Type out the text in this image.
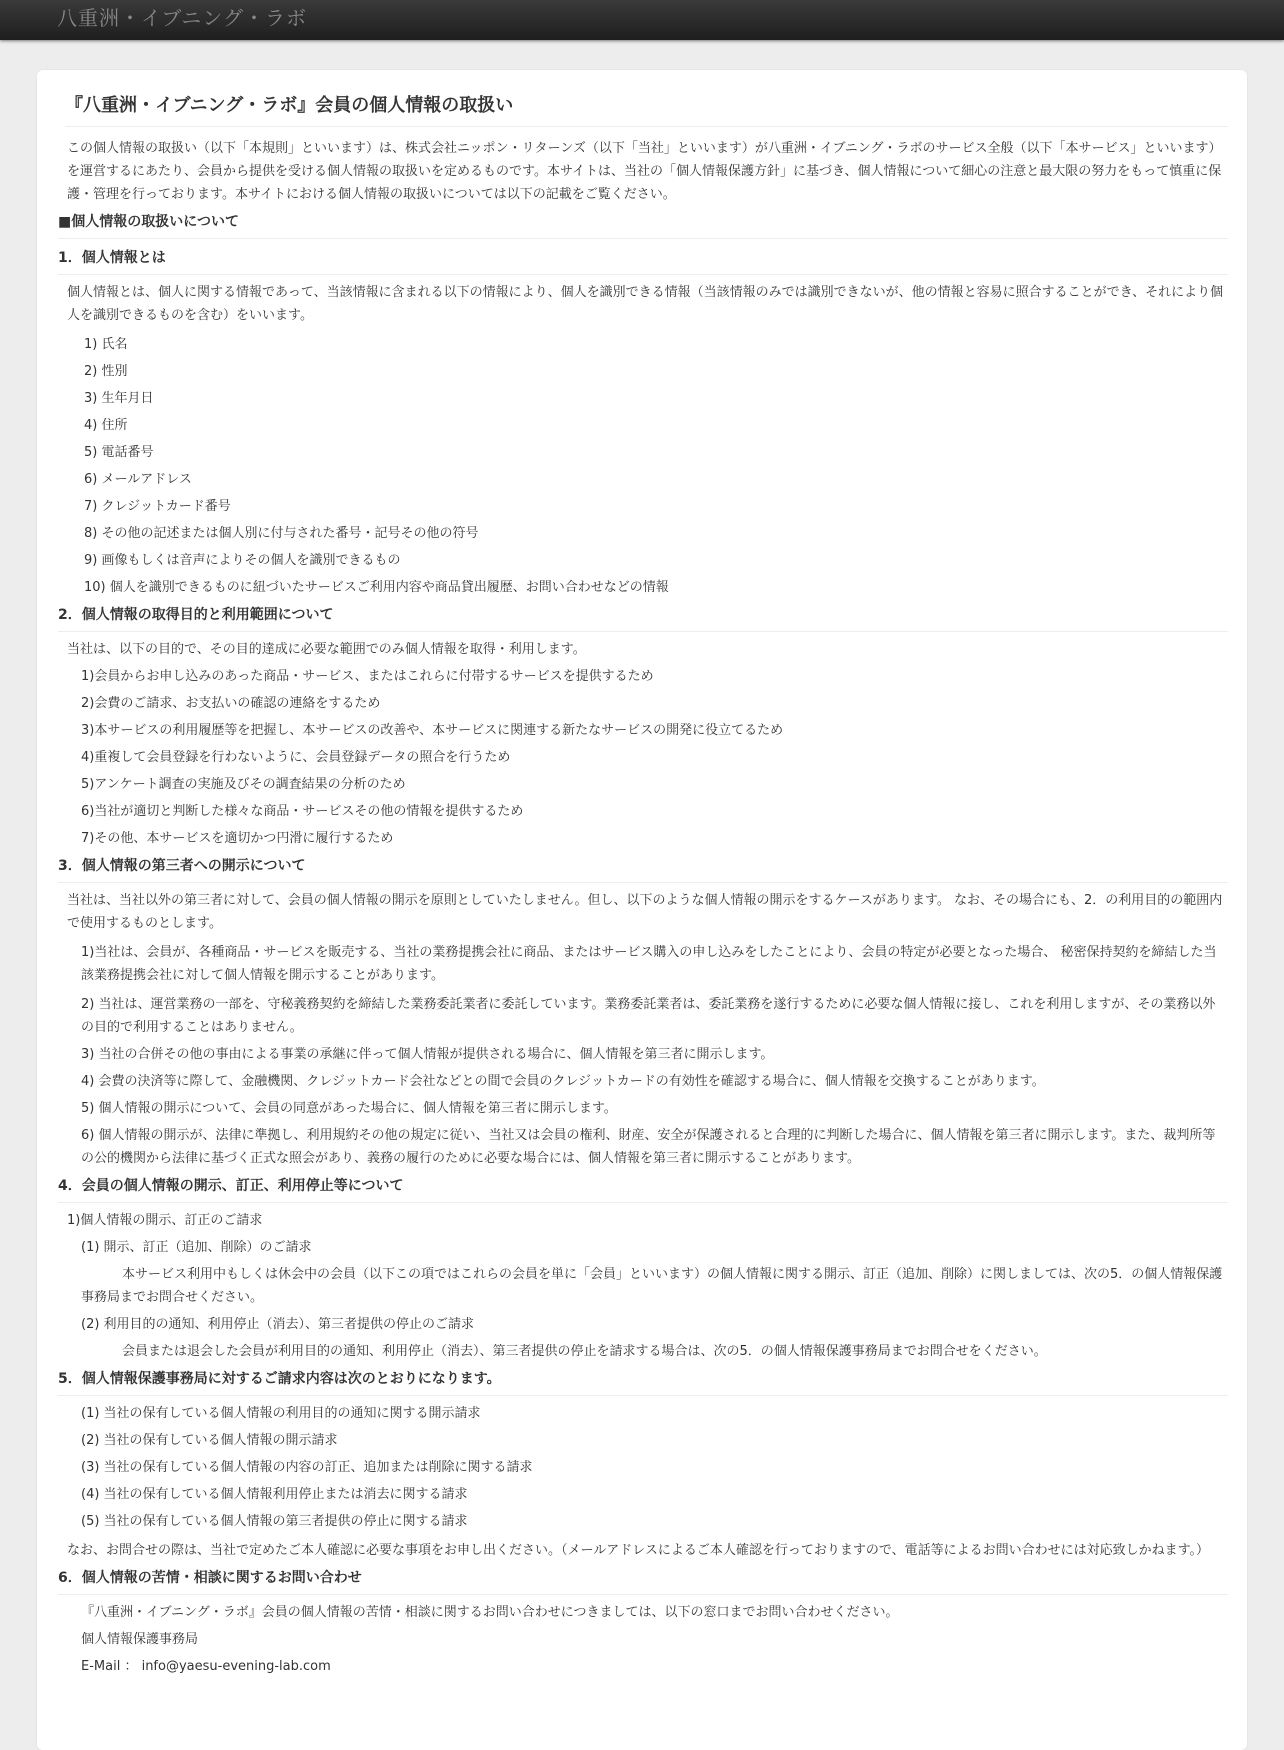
八重洲・イブニング・ラボ
『八重洲・イブニング・ラボ』会員の個人情報の取扱い

この個人情報の取扱い（以下「本規則」といいます）は、株式会社ニッポン・リターンズ（以下「当社」といいます）が八重洲・イブニング・ラボのサービス全般（以下「本サービス」といいます）を運営するにあたり、会員から提供を受ける個人情報の取扱いを定めるものです。本サイトは、当社の「個人情報保護方針」に基づき、個人情報について細心の注意と最大限の努力をもって慎重に保護・管理を行っております。本サイトにおける個人情報の取扱いについては以下の記載をご覧ください。

■個人情報の取扱いについて
1．個人情報とは

個人情報とは、個人に関する情報であって、当該情報に含まれる以下の情報により、個人を識別できる情報（当該情報のみでは識別できないが、他の情報と容易に照合することができ、それにより個人を識別できるものを含む）をいいます。

1) 氏名
2) 性別
3) 生年月日
4) 住所
5) 電話番号
6) メールアドレス
7) クレジットカード番号
8) その他の記述または個人別に付与された番号・記号その他の符号
9) 画像もしくは音声によりその個人を識別できるもの
10) 個人を識別できるものに紐づいたサービスご利用内容や商品貸出履歴、お問い合わせなどの情報
2．個人情報の取得目的と利用範囲について

当社は、以下の目的で、その目的達成に必要な範囲でのみ個人情報を取得・利用します。

1)会員からお申し込みのあった商品・サービス、またはこれらに付帯するサービスを提供するため
2)会費のご請求、お支払いの確認の連絡をするため
3)本サービスの利用履歴等を把握し、本サービスの改善や、本サービスに関連する新たなサービスの開発に役立てるため
4)重複して会員登録を行わないように、会員登録データの照合を行うため
5)アンケート調査の実施及びその調査結果の分析のため
6)当社が適切と判断した様々な商品・サービスその他の情報を提供するため
7)その他、本サービスを適切かつ円滑に履行するため
3．個人情報の第三者への開示について

当社は、当社以外の第三者に対して、会員の個人情報の開示を原則としていたしません。但し、以下のような個人情報の開示をするケースがあります。 なお、その場合にも、2．の利用目的の範囲内で使用するものとします。

1)当社は、会員が、各種商品・サービスを販売する、当社の業務提携会社に商品、またはサービス購入の申し込みをしたことにより、会員の特定が必要となった場合、 秘密保持契約を締結した当該業務提携会社に対して個人情報を開示することがあります。

2) 当社は、運営業務の一部を、守秘義務契約を締結した業務委託業者に委託しています。業務委託業者は、委託業務を遂行するために必要な個人情報に接し、これを利用しますが、その業務以外の目的で利用することはありません。

3) 当社の合併その他の事由による事業の承継に伴って個人情報が提供される場合に、個人情報を第三者に開示します。

4) 会費の決済等に際して、金融機関、クレジットカード会社などとの間で会員のクレジットカードの有効性を確認する場合に、個人情報を交換することがあります。

5) 個人情報の開示について、会員の同意があった場合に、個人情報を第三者に開示します。

6) 個人情報の開示が、法律に準拠し、利用規約その他の規定に従い、当社又は会員の権利、財産、安全が保護されると合理的に判断した場合に、個人情報を第三者に開示します。また、裁判所等の公的機関から法律に基づく正式な照会があり、義務の履行のために必要な場合には、個人情報を第三者に開示することがあります。

4．会員の個人情報の開示、訂正、利用停止等について

1)個人情報の開示、訂正のご請求

(1) 開示、訂正（追加、削除）のご請求

本サービス利用中もしくは休会中の会員（以下この項ではこれらの会員を単に「会員」といいます）の個人情報に関する開示、訂正（追加、削除）に関しましては、次の5．の個人情報保護事務局までお問合せください。

(2) 利用目的の通知、利用停止（消去）、第三者提供の停止のご請求

会員または退会した会員が利用目的の通知、利用停止（消去）、第三者提供の停止を請求する場合は、次の5．の個人情報保護事務局までお問合せをください。

5．個人情報保護事務局に対するご請求内容は次のとおりになります。
(1) 当社の保有している個人情報の利用目的の通知に関する開示請求
(2) 当社の保有している個人情報の開示請求
(3) 当社の保有している個人情報の内容の訂正、追加または削除に関する請求
(4) 当社の保有している個人情報利用停止または消去に関する請求
(5) 当社の保有している個人情報の第三者提供の停止に関する請求

なお、お問合せの際は、当社で定めたご本人確認に必要な事項をお申し出ください。（メールアドレスによるご本人確認を行っておりますので、電話等によるお問い合わせには対応致しかねます。）

6．個人情報の苦情・相談に関するお問い合わせ

『八重洲・イブニング・ラボ』会員の個人情報の苦情・相談に関するお問い合わせにつきましては、以下の窓口までお問い合わせください。

個人情報保護事務局

E‐Mail ： info@yaesu-evening-lab.com
